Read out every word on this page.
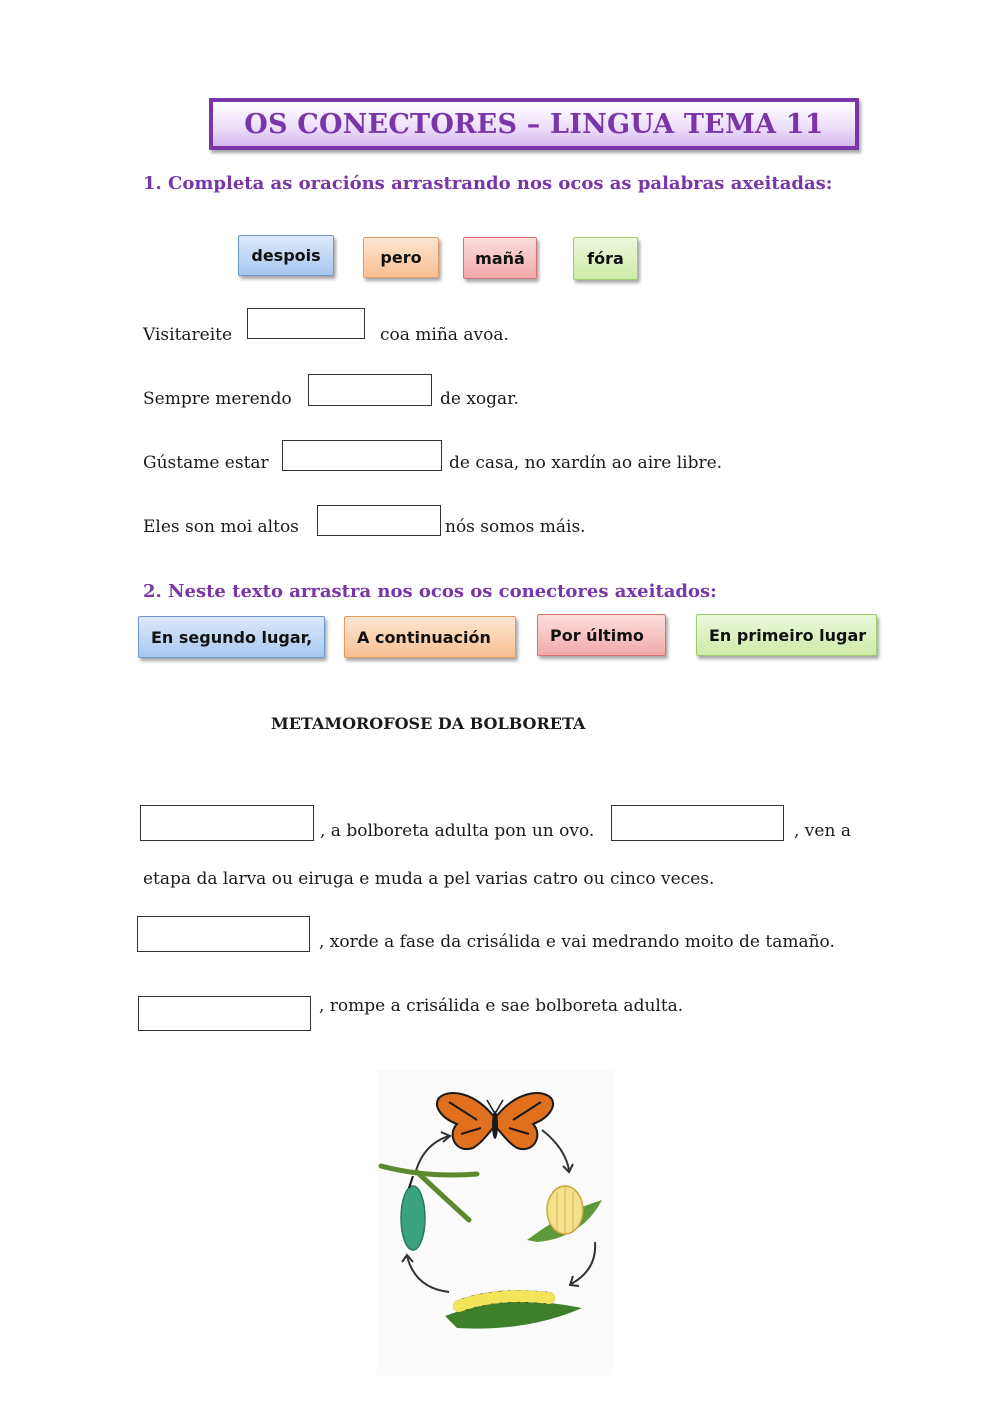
OS CONECTORES – LINGUA TEMA 11
1. Completa as oracións arrastrando nos ocos as palabras axeitadas:
despois	pero	mañá	fóra
Visitareite	coa miña avoa.
Sempre merendo	de xogar.
Gústame estar	de casa, no xardín ao aire libre.
Eles son moi altos	nós somos máis.
2. Neste texto arrastra nos ocos os conectores axeitados:
En segundo lugar,	A continuación	Por último	En primeiro lugar
METAMOROFOSE DA BOLBORETA
, a bolboreta adulta pon un ovo.	, ven a
etapa da larva ou eiruga e muda a pel varias catro ou cinco veces.
, xorde a fase da crisálida e vai medrando moito de tamaño.
, rompe a crisálida e sae bolboreta adulta.
